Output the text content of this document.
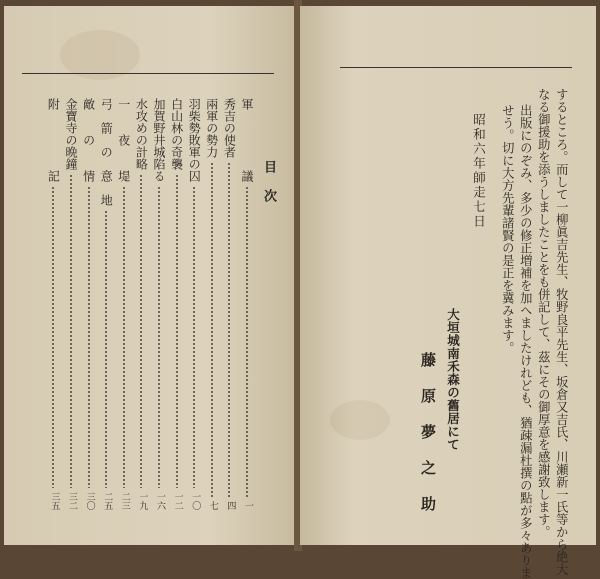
するところ。而して一柳眞吉先生、牧野良平先生、坂倉又吉氏、川瀬新一氏等から絶大
なる御援助を添うしましたことをも併記して、茲にその御厚意を感謝致します。
出版にのぞみ、多少の修正増補を加へましたけれども、猶疎漏杜撰の點が多々ありま
せう。切に大方先輩諸賢の是正を冀みます。
昭和六年師走七日
大垣城南禾森の舊居にて
藤　原　夢　之　助
目次
軍　　　　　議
一
秀吉の使者
四
兩軍の勢力
七
羽柴勢敗軍の囚
一〇
白山林の奇襲
一二
加賀野井城陷る
一六
水攻めの計略
一九
一　　夜　　堤
二三
弓　箭　の　意　地
二五
敵　　の　　情
三〇
金寶寺の晩鐘
三二
附　　　　　記
三五
